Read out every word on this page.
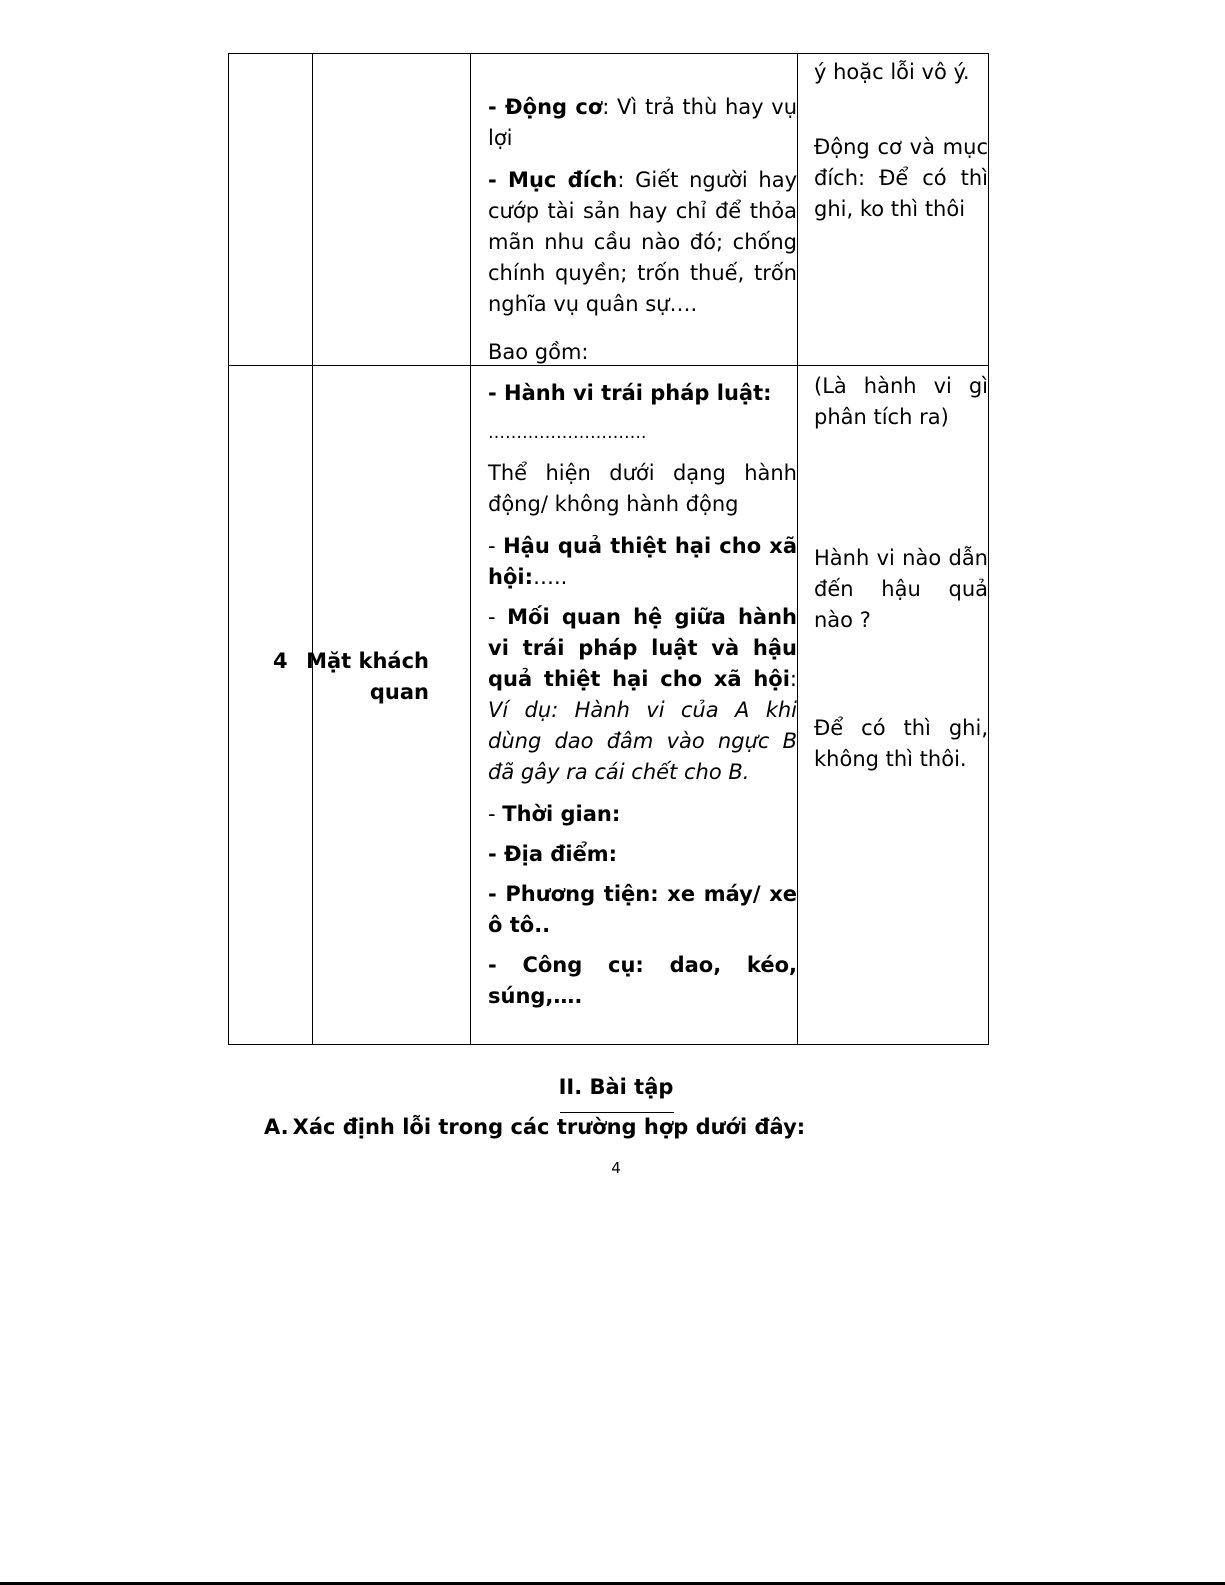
- Động cơ: Vì trả thù hay vụ lợi

- Mục đích: Giết người hay cướp tài sản hay chỉ để thỏa mãn nhu cầu nào đó; chống chính quyền; trốn thuế, trốn nghĩa vụ quân sự….

Bao gồm:
ý hoặc lỗi vô ý.
Động cơ và mục đích: Để có thì ghi, ko thì thôi
4 Mặt khách quan

- Hành vi trái pháp luật:

……………………….

Thể hiện dưới dạng hành động/ không hành động

- Hậu quả thiệt hại cho xã hội:…..

- Mối quan hệ giữa hành vi trái pháp luật và hậu quả thiệt hại cho xã hội: Ví dụ: Hành vi của A khi dùng dao đâm vào ngực B đã gây ra cái chết cho B.

- Thời gian:

- Địa điểm:

- Phương tiện: xe máy/ xe ô tô..

- Công cụ: dao, kéo, súng,….

(Là hành vi gì phân tích ra)
Hành vi nào dẫn đến hậu quả nào ?
Để có thì ghi, không thì thôi.
II. Bài tập
A. Xác định lỗi trong các trường hợp dưới đây:
4
